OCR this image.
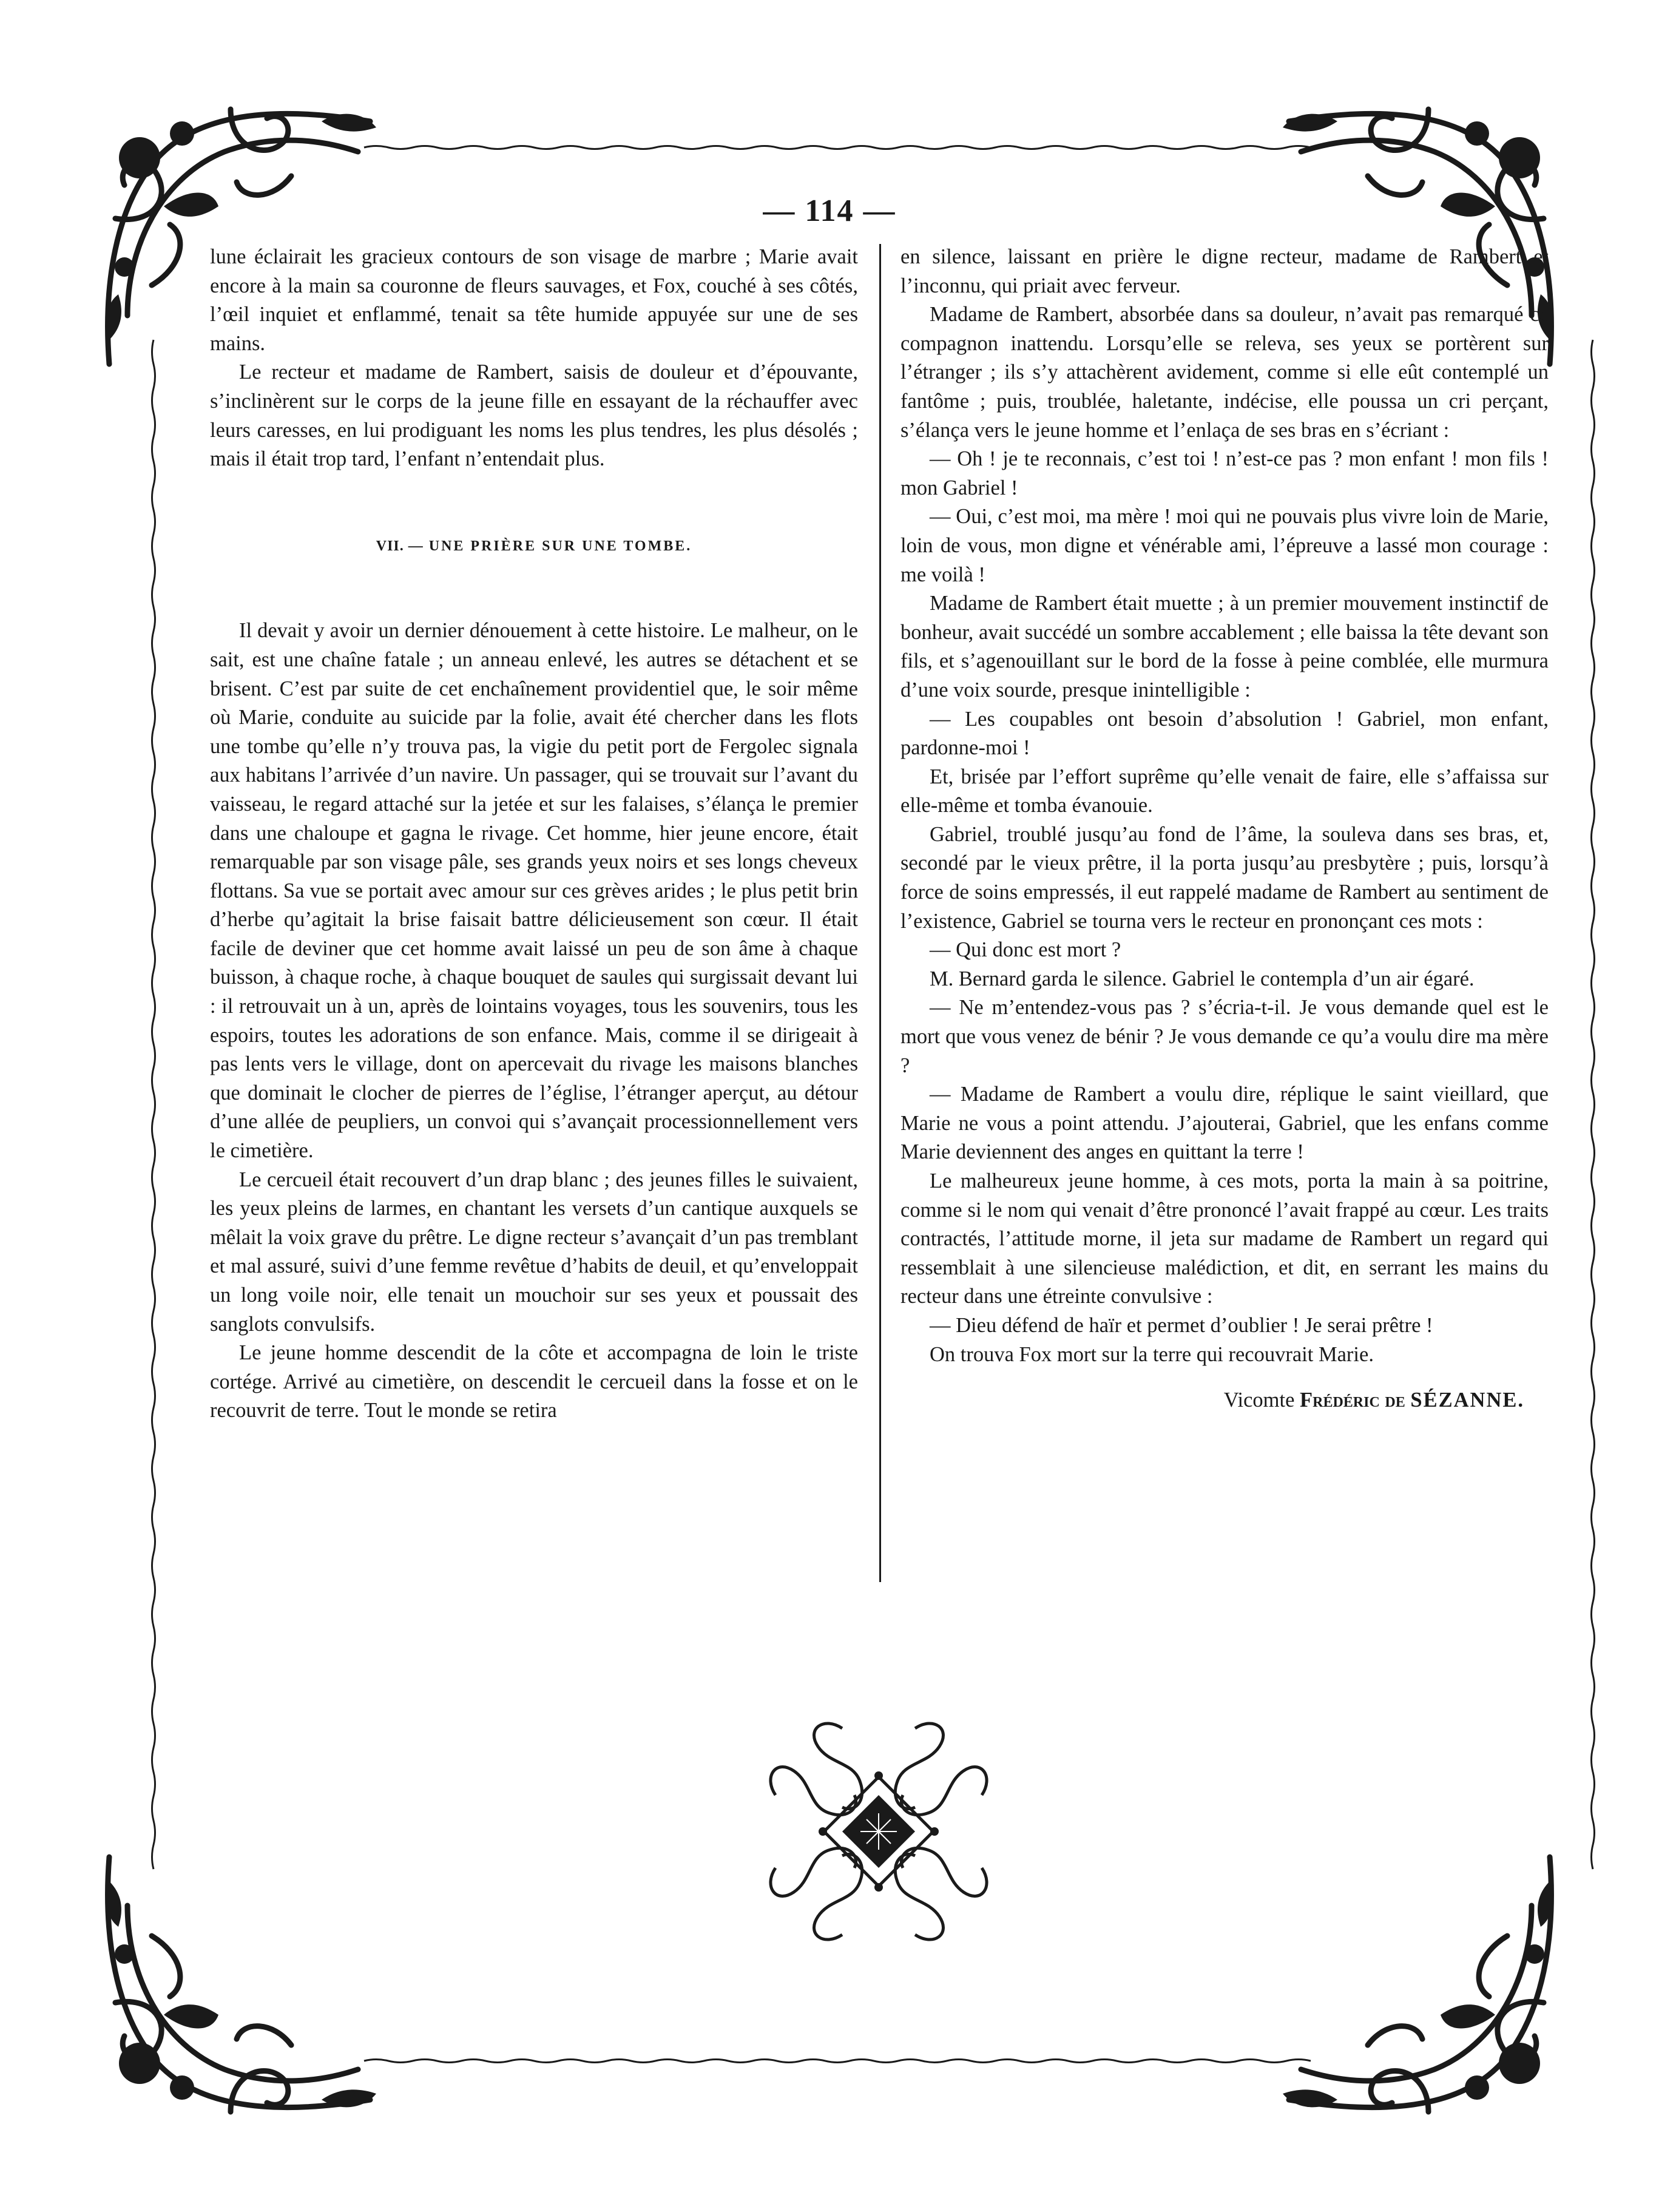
— 114 —

lune éclairait les gracieux contours de son visage de marbre ; Marie avait encore à la main sa couronne de fleurs sauvages, et Fox, couché à ses côtés, l’œil inquiet et enflammé, tenait sa tête humide appuyée sur une de ses mains.

Le recteur et madame de Rambert, saisis de douleur et d’épouvante, s’inclinèrent sur le corps de la jeune fille en essayant de la réchauffer avec leurs caresses, en lui prodiguant les noms les plus tendres, les plus désolés ; mais il était trop tard, l’enfant n’entendait plus.

VII. — UNE PRIÈRE SUR UNE TOMBE.

Il devait y avoir un dernier dénouement à cette histoire. Le malheur, on le sait, est une chaîne fatale ; un anneau enlevé, les autres se détachent et se brisent. C’est par suite de cet enchaînement providentiel que, le soir même où Marie, conduite au suicide par la folie, avait été chercher dans les flots une tombe qu’elle n’y trouva pas, la vigie du petit port de Fergolec signala aux habitans l’arrivée d’un navire. Un passager, qui se trouvait sur l’avant du vaisseau, le regard attaché sur la jetée et sur les falaises, s’élança le premier dans une chaloupe et gagna le rivage. Cet homme, hier jeune encore, était remarquable par son visage pâle, ses grands yeux noirs et ses longs cheveux flottans. Sa vue se portait avec amour sur ces grèves arides ; le plus petit brin d’herbe qu’agitait la brise faisait battre délicieusement son cœur. Il était facile de deviner que cet homme avait laissé un peu de son âme à chaque buisson, à chaque roche, à chaque bouquet de saules qui surgissait devant lui : il retrouvait un à un, après de lointains voyages, tous les souvenirs, tous les espoirs, toutes les adorations de son enfance. Mais, comme il se dirigeait à pas lents vers le village, dont on apercevait du rivage les maisons blanches que dominait le clocher de pierres de l’église, l’étranger aperçut, au détour d’une allée de peupliers, un convoi qui s’avançait processionnellement vers le cimetière.

Le cercueil était recouvert d’un drap blanc ; des jeunes filles le suivaient, les yeux pleins de larmes, en chantant les versets d’un cantique auxquels se mêlait la voix grave du prêtre. Le digne recteur s’avançait d’un pas tremblant et mal assuré, suivi d’une femme revêtue d’habits de deuil, et qu’enveloppait un long voile noir, elle tenait un mouchoir sur ses yeux et poussait des sanglots convulsifs.

Le jeune homme descendit de la côte et accompagna de loin le triste cortége. Arrivé au cimetière, on descendit le cercueil dans la fosse et on le recouvrit de terre. Tout le monde se retira

en silence, laissant en prière le digne recteur, madame de Rambert et l’inconnu, qui priait avec ferveur.

Madame de Rambert, absorbée dans sa douleur, n’avait pas remarqué ce compagnon inattendu. Lorsqu’elle se releva, ses yeux se portèrent sur l’étranger ; ils s’y attachèrent avidement, comme si elle eût contemplé un fantôme ; puis, troublée, haletante, indécise, elle poussa un cri perçant, s’élança vers le jeune homme et l’enlaça de ses bras en s’écriant :

— Oh ! je te reconnais, c’est toi ! n’est-ce pas ? mon enfant ! mon fils ! mon Gabriel !

— Oui, c’est moi, ma mère ! moi qui ne pouvais plus vivre loin de Marie, loin de vous, mon digne et vénérable ami, l’épreuve a lassé mon courage : me voilà !

Madame de Rambert était muette ; à un premier mouvement instinctif de bonheur, avait succédé un sombre accablement ; elle baissa la tête devant son fils, et s’agenouillant sur le bord de la fosse à peine comblée, elle murmura d’une voix sourde, presque inintelligible :

— Les coupables ont besoin d’absolution ! Gabriel, mon enfant, pardonne-moi !

Et, brisée par l’effort suprême qu’elle venait de faire, elle s’affaissa sur elle-même et tomba évanouie.

Gabriel, troublé jusqu’au fond de l’âme, la souleva dans ses bras, et, secondé par le vieux prêtre, il la porta jusqu’au presbytère ; puis, lorsqu’à force de soins empressés, il eut rappelé madame de Rambert au sentiment de l’existence, Gabriel se tourna vers le recteur en prononçant ces mots :

— Qui donc est mort ?

M. Bernard garda le silence. Gabriel le contempla d’un air égaré.

— Ne m’entendez-vous pas ? s’écria-t-il. Je vous demande quel est le mort que vous venez de bénir ? Je vous demande ce qu’a voulu dire ma mère ?

— Madame de Rambert a voulu dire, réplique le saint vieillard, que Marie ne vous a point attendu. J’ajouterai, Gabriel, que les enfans comme Marie deviennent des anges en quittant la terre !

Le malheureux jeune homme, à ces mots, porta la main à sa poitrine, comme si le nom qui venait d’être prononcé l’avait frappé au cœur. Les traits contractés, l’attitude morne, il jeta sur madame de Rambert un regard qui ressemblait à une silencieuse malédiction, et dit, en serrant les mains du recteur dans une étreinte convulsive :

— Dieu défend de haïr et permet d’oublier ! Je serai prêtre !

On trouva Fox mort sur la terre qui recouvrait Marie.

Vicomte Frédéric de SÉZANNE.
